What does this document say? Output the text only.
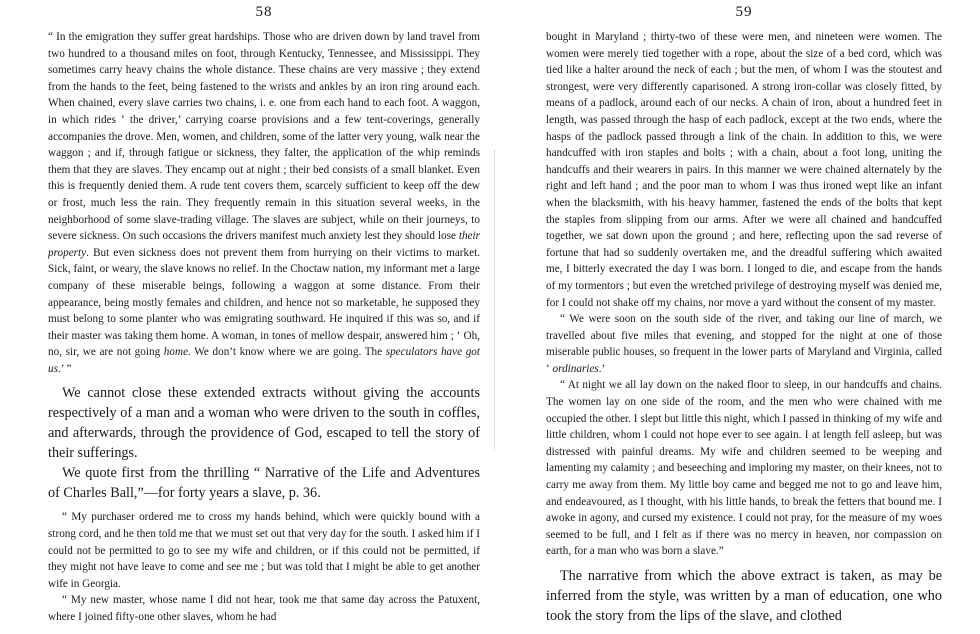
58

“ In the emigration they suffer great hardships. Those who are driven down by land travel from two hundred to a thousand miles on foot, through Kentucky, Tennessee, and Mississippi. They sometimes carry heavy chains the whole distance. These chains are very massive ; they extend from the hands to the feet, being fastened to the wrists and ankles by an iron ring around each. When chained, every slave carries two chains, i. e. one from each hand to each foot. A waggon, in which rides ‘ the driver,’ carrying coarse provisions and a few tent-coverings, generally accompanies the drove. Men, women, and children, some of the latter very young, walk near the waggon ; and if, through fatigue or sickness, they falter, the application of the whip reminds them that they are slaves. They encamp out at night ; their bed consists of a small blanket. Even this is frequently denied them. A rude tent covers them, scarcely sufficient to keep off the dew or frost, much less the rain. They frequently remain in this situation several weeks, in the neighborhood of some slave-trading village. The slaves are subject, while on their journeys, to severe sickness. On such occasions the drivers manifest much anxiety lest they should lose their property. But even sickness does not prevent them from hurrying on their victims to market. Sick, faint, or weary, the slave knows no relief. In the Choctaw nation, my informant met a large company of these miserable beings, following a waggon at some distance. From their appearance, being mostly females and children, and hence not so marketable, he supposed they must belong to some planter who was emigrating southward. He inquired if this was so, and if their master was taking them home. A woman, in tones of mellow despair, answered him ; ‘ Oh, no, sir, we are not going home. We don’t know where we are going. The speculators have got us.’ ”

We cannot close these extended extracts without giving the accounts respectively of a man and a woman who were driven to the south in coffles, and afterwards, through the providence of God, escaped to tell the story of their sufferings.

We quote first from the thrilling “ Narrative of the Life and Adventures of Charles Ball,”—for forty years a slave, p. 36.

“ My purchaser ordered me to cross my hands behind, which were quickly bound with a strong cord, and he then told me that we must set out that very day for the south. I asked him if I could not be permitted to go to see my wife and children, or if this could not be permitted, if they might not have leave to come and see me ; but was told that I might be able to get another wife in Georgia.

“ My new master, whose name I did not hear, took me that same day across the Patuxent, where I joined fifty-one other slaves, whom he had

59

bought in Maryland ; thirty-two of these were men, and nineteen were women. The women were merely tied together with a rope, about the size of a bed cord, which was tied like a halter around the neck of each ; but the men, of whom I was the stoutest and strongest, were very differently caparisoned. A strong iron-collar was closely fitted, by means of a padlock, around each of our necks. A chain of iron, about a hundred feet in length, was passed through the hasp of each padlock, except at the two ends, where the hasps of the padlock passed through a link of the chain. In addition to this, we were handcuffed with iron staples and bolts ; with a chain, about a foot long, uniting the handcuffs and their wearers in pairs. In this manner we were chained alternately by the right and left hand ; and the poor man to whom I was thus ironed wept like an infant when the blacksmith, with his heavy hammer, fastened the ends of the bolts that kept the staples from slipping from our arms. After we were all chained and handcuffed together, we sat down upon the ground ; and here, reflecting upon the sad reverse of fortune that had so suddenly overtaken me, and the dreadful suffering which awaited me, I bitterly execrated the day I was born. I longed to die, and escape from the hands of my tormentors ; but even the wretched privilege of destroying myself was denied me, for I could not shake off my chains, nor move a yard without the consent of my master.

“ We were soon on the south side of the river, and taking our line of march, we travelled about five miles that evening, and stopped for the night at one of those miserable public houses, so frequent in the lower parts of Maryland and Virginia, called ‘ ordinaries.’

“ At night we all lay down on the naked floor to sleep, in our handcuffs and chains. The women lay on one side of the room, and the men who were chained with me occupied the other. I slept but little this night, which I passed in thinking of my wife and little children, whom I could not hope ever to see again. I at length fell asleep, but was distressed with painful dreams. My wife and children seemed to be weeping and lamenting my calamity ; and beseeching and imploring my master, on their knees, not to carry me away from them. My little boy came and begged me not to go and leave him, and endeavoured, as I thought, with his little hands, to break the fetters that bound me. I awoke in agony, and cursed my existence. I could not pray, for the measure of my woes seemed to be full, and I felt as if there was no mercy in heaven, nor compassion on earth, for a man who was born a slave.”

The narrative from which the above extract is taken, as may be inferred from the style, was written by a man of education, one who took the story from the lips of the slave, and clothed
